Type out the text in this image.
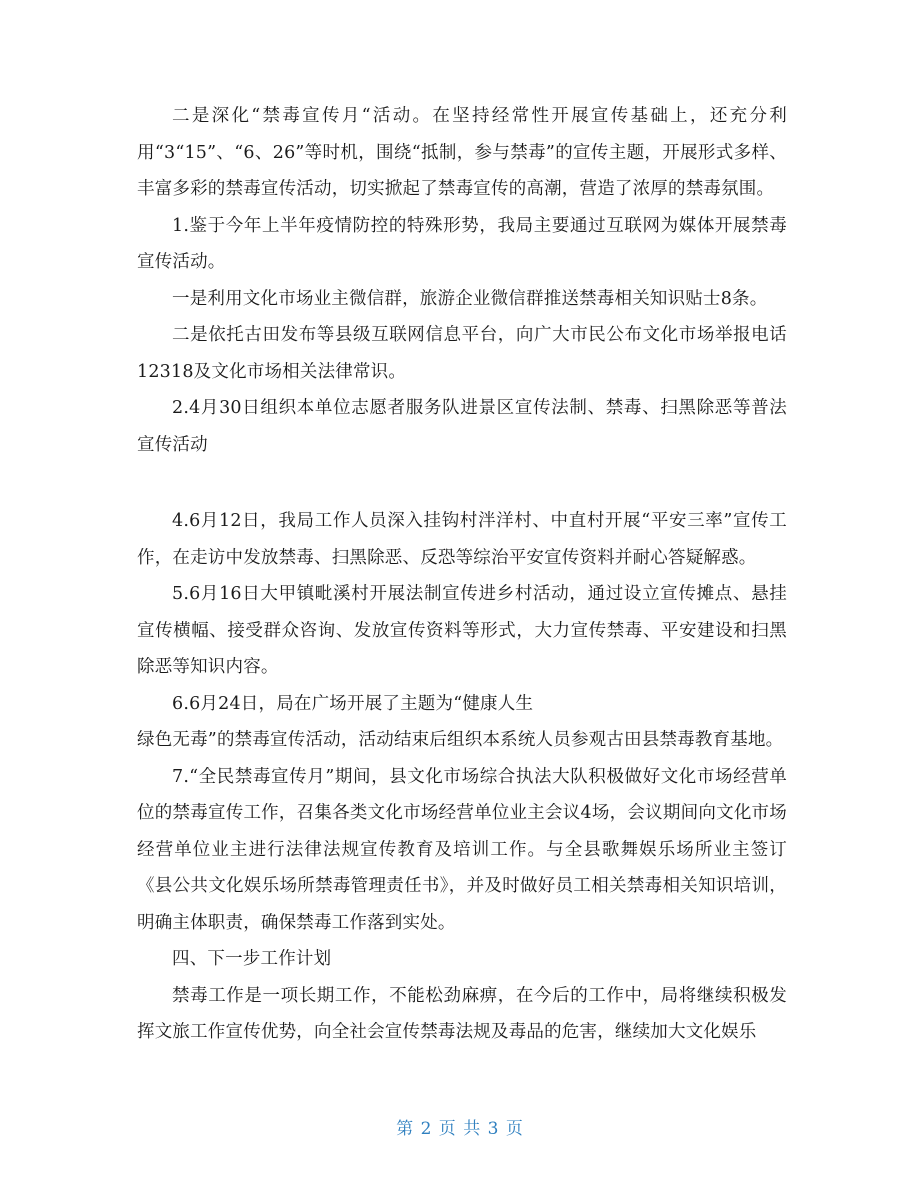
二是深化“禁毒宣传月“活动。在坚持经常性开展宣传基础上，还充分利用“3“15”、“6、26”等时机，围绕“抵制，参与禁毒”的宣传主题，开展形式多样、丰富多彩的禁毒宣传活动，切实掀起了禁毒宣传的高潮，营造了浓厚的禁毒氛围。

1.鉴于今年上半年疫情防控的特殊形势，我局主要通过互联网为媒体开展禁毒宣传活动。

一是利用文化市场业主微信群，旅游企业微信群推送禁毒相关知识贴士8条。

二是依托古田发布等县级互联网信息平台，向广大市民公布文化市场举报电话12318及文化市场相关法律常识。

2.4月30日组织本单位志愿者服务队进景区宣传法制、禁毒、扫黑除恶等普法宣传活动

4.6月12日，我局工作人员深入挂钩村泮洋村、中直村开展“平安三率”宣传工作，在走访中发放禁毒、扫黑除恶、反恐等综治平安宣传资料并耐心答疑解惑。

5.6月16日大甲镇毗溪村开展法制宣传进乡村活动，通过设立宣传摊点、悬挂宣传横幅、接受群众咨询、发放宣传资料等形式，大力宣传禁毒、平安建设和扫黑除恶等知识内容。

6.6月24日，局在广场开展了主题为“健康人生

绿色无毒”的禁毒宣传活动，活动结束后组织本系统人员参观古田县禁毒教育基地。

7.“全民禁毒宣传月”期间，县文化市场综合执法大队积极做好文化市场经营单位的禁毒宣传工作，召集各类文化市场经营单位业主会议4场，会议期间向文化市场经营单位业主进行法律法规宣传教育及培训工作。与全县歌舞娱乐场所业主签订《县公共文化娱乐场所禁毒管理责任书》，并及时做好员工相关禁毒相关知识培训，明确主体职责，确保禁毒工作落到实处。

四、下一步工作计划

禁毒工作是一项长期工作，不能松劲麻痹，在今后的工作中，局将继续积极发挥文旅工作宣传优势，向全社会宣传禁毒法规及毒品的危害，继续加大文化娱乐

第 2 页 共 3 页
